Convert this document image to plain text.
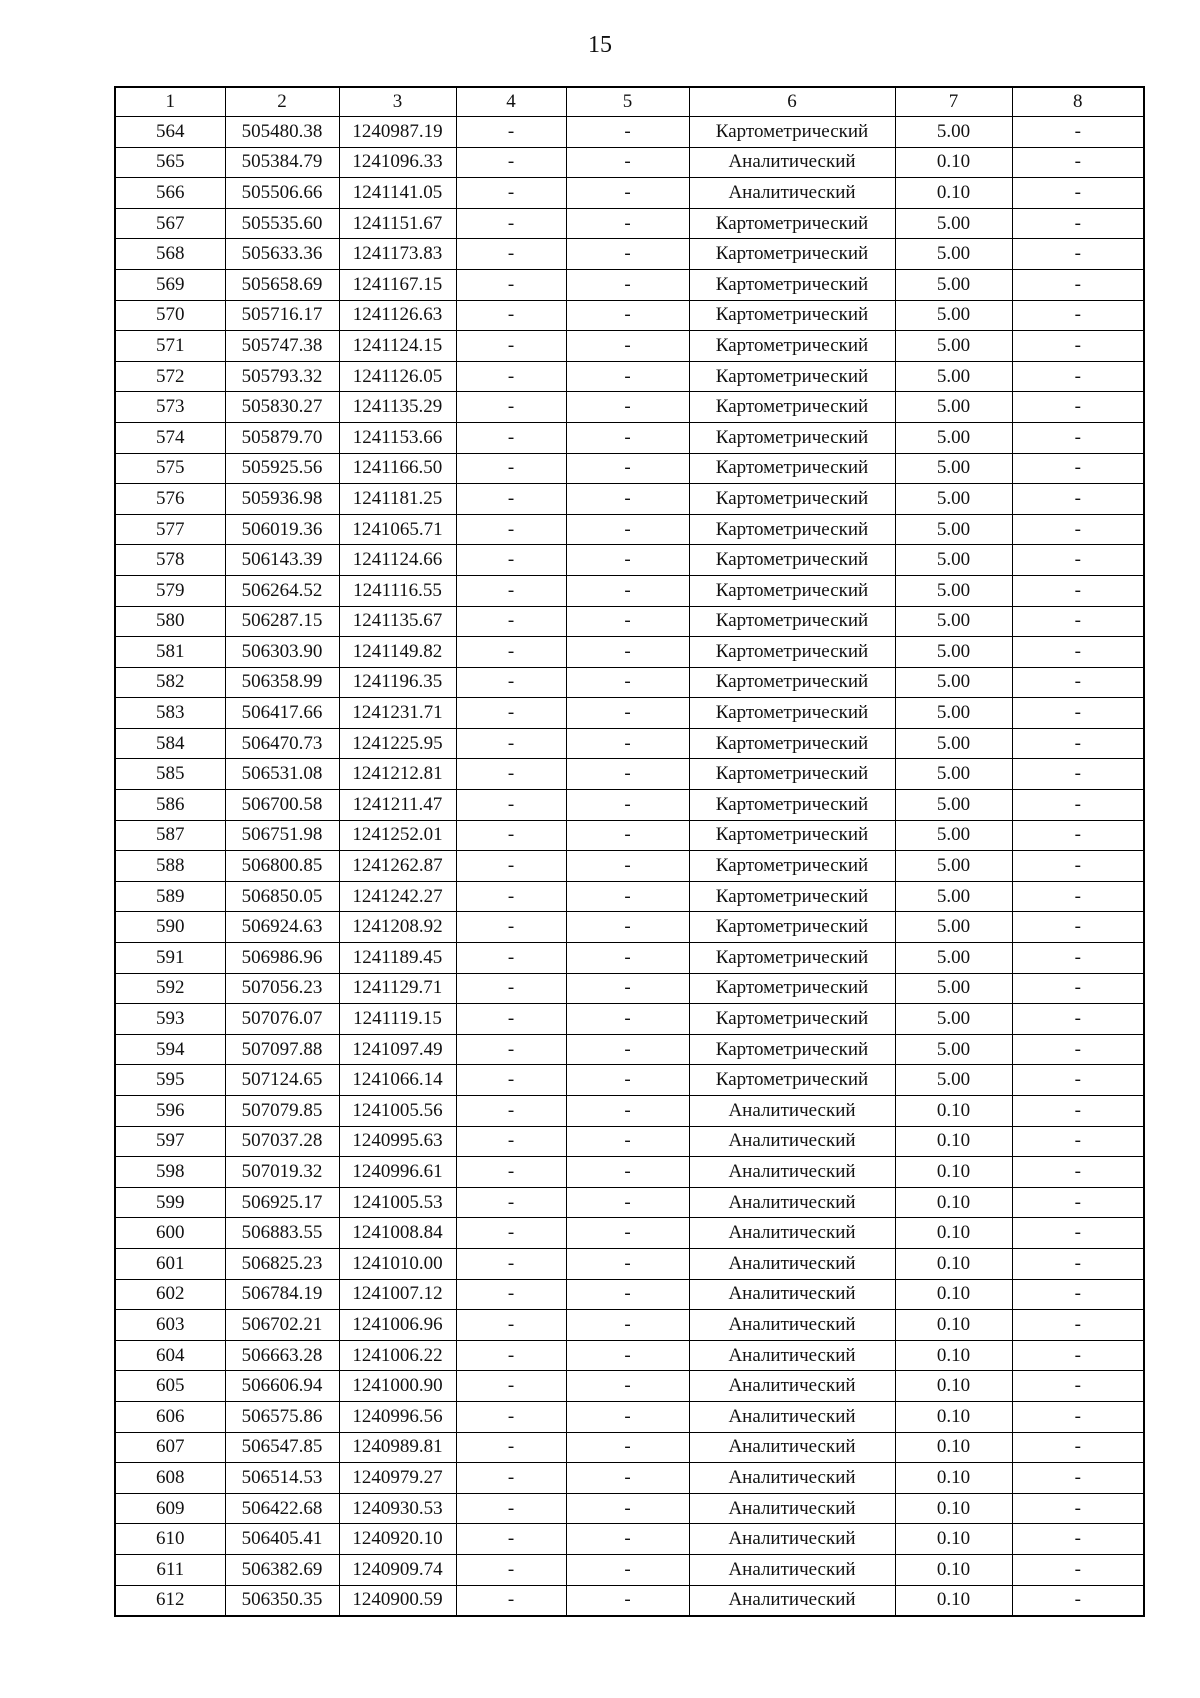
15
1	2	3	4	5	6	7	8
564	505480.38	1240987.19	-	-	Картометрический	5.00	-
565	505384.79	1241096.33	-	-	Аналитический	0.10	-
566	505506.66	1241141.05	-	-	Аналитический	0.10	-
567	505535.60	1241151.67	-	-	Картометрический	5.00	-
568	505633.36	1241173.83	-	-	Картометрический	5.00	-
569	505658.69	1241167.15	-	-	Картометрический	5.00	-
570	505716.17	1241126.63	-	-	Картометрический	5.00	-
571	505747.38	1241124.15	-	-	Картометрический	5.00	-
572	505793.32	1241126.05	-	-	Картометрический	5.00	-
573	505830.27	1241135.29	-	-	Картометрический	5.00	-
574	505879.70	1241153.66	-	-	Картометрический	5.00	-
575	505925.56	1241166.50	-	-	Картометрический	5.00	-
576	505936.98	1241181.25	-	-	Картометрический	5.00	-
577	506019.36	1241065.71	-	-	Картометрический	5.00	-
578	506143.39	1241124.66	-	-	Картометрический	5.00	-
579	506264.52	1241116.55	-	-	Картометрический	5.00	-
580	506287.15	1241135.67	-	-	Картометрический	5.00	-
581	506303.90	1241149.82	-	-	Картометрический	5.00	-
582	506358.99	1241196.35	-	-	Картометрический	5.00	-
583	506417.66	1241231.71	-	-	Картометрический	5.00	-
584	506470.73	1241225.95	-	-	Картометрический	5.00	-
585	506531.08	1241212.81	-	-	Картометрический	5.00	-
586	506700.58	1241211.47	-	-	Картометрический	5.00	-
587	506751.98	1241252.01	-	-	Картометрический	5.00	-
588	506800.85	1241262.87	-	-	Картометрический	5.00	-
589	506850.05	1241242.27	-	-	Картометрический	5.00	-
590	506924.63	1241208.92	-	-	Картометрический	5.00	-
591	506986.96	1241189.45	-	-	Картометрический	5.00	-
592	507056.23	1241129.71	-	-	Картометрический	5.00	-
593	507076.07	1241119.15	-	-	Картометрический	5.00	-
594	507097.88	1241097.49	-	-	Картометрический	5.00	-
595	507124.65	1241066.14	-	-	Картометрический	5.00	-
596	507079.85	1241005.56	-	-	Аналитический	0.10	-
597	507037.28	1240995.63	-	-	Аналитический	0.10	-
598	507019.32	1240996.61	-	-	Аналитический	0.10	-
599	506925.17	1241005.53	-	-	Аналитический	0.10	-
600	506883.55	1241008.84	-	-	Аналитический	0.10	-
601	506825.23	1241010.00	-	-	Аналитический	0.10	-
602	506784.19	1241007.12	-	-	Аналитический	0.10	-
603	506702.21	1241006.96	-	-	Аналитический	0.10	-
604	506663.28	1241006.22	-	-	Аналитический	0.10	-
605	506606.94	1241000.90	-	-	Аналитический	0.10	-
606	506575.86	1240996.56	-	-	Аналитический	0.10	-
607	506547.85	1240989.81	-	-	Аналитический	0.10	-
608	506514.53	1240979.27	-	-	Аналитический	0.10	-
609	506422.68	1240930.53	-	-	Аналитический	0.10	-
610	506405.41	1240920.10	-	-	Аналитический	0.10	-
611	506382.69	1240909.74	-	-	Аналитический	0.10	-
612	506350.35	1240900.59	-	-	Аналитический	0.10	-
